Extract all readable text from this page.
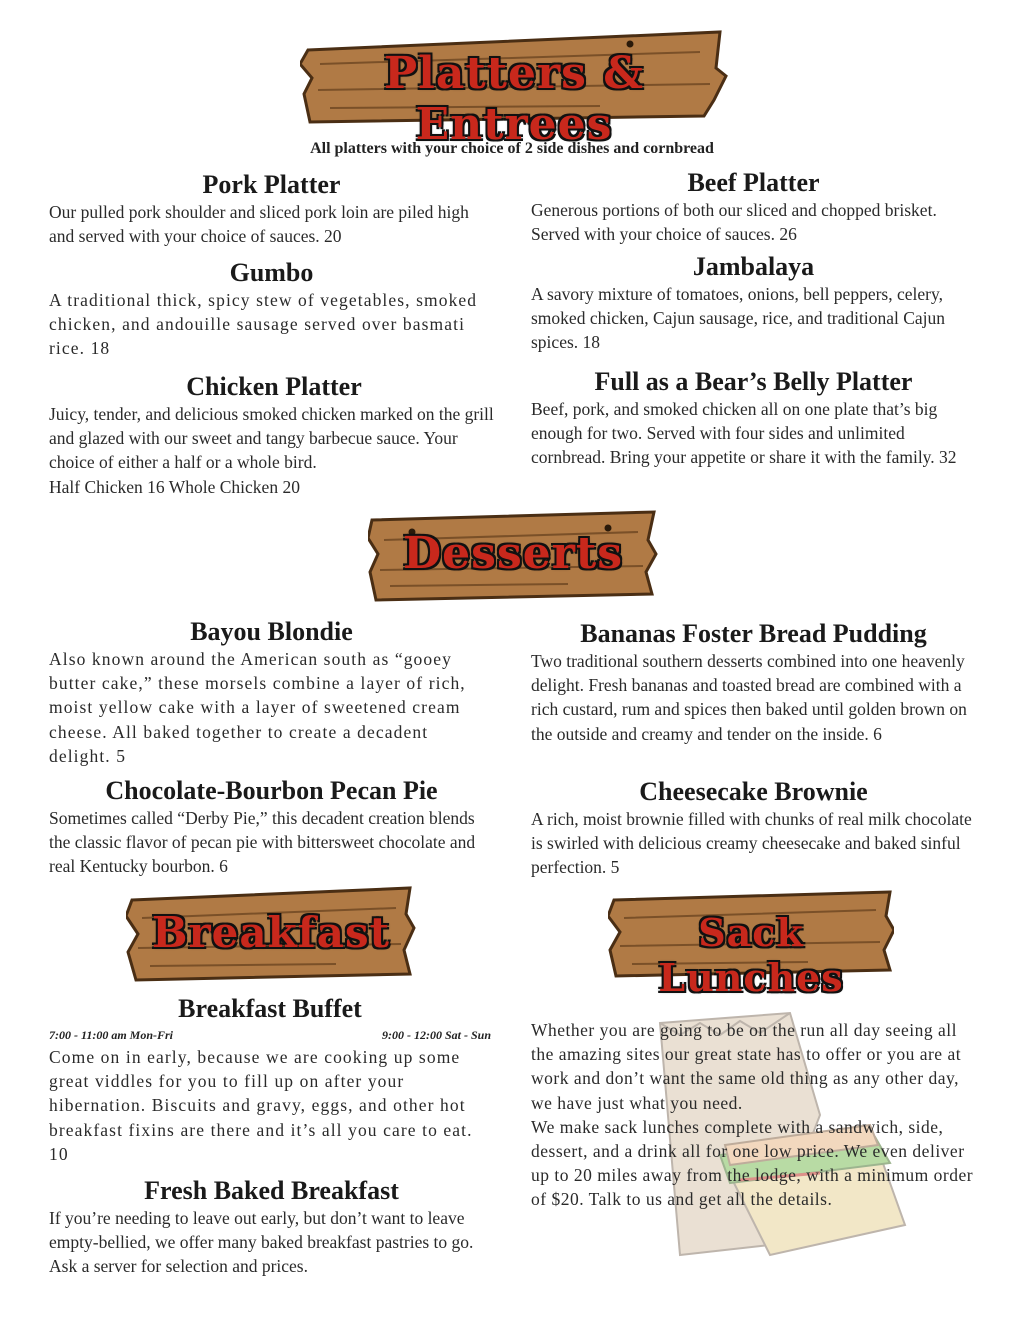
Platters & Entrees
All platters with your choice of 2 side dishes and cornbread
Pork Platter

Our pulled pork shoulder and sliced pork loin are piled high and served with your choice of sauces. 20

Gumbo

A traditional thick, spicy stew of vegetables, smoked chicken, and andouille sausage served over basmati rice. 18

Chicken Platter

Juicy, tender, and delicious smoked chicken marked on the grill and glazed with our sweet and tangy barbecue sauce. Your choice of either a half or a whole bird.

Half Chicken 16 Whole Chicken 20

Beef Platter

Generous portions of both our sliced and chopped brisket. Served with your choice of sauces. 26

Jambalaya

A savory mixture of tomatoes, onions, bell peppers, celery, smoked chicken, Cajun sausage, rice, and traditional Cajun spices. 18

Full as a Bear’s Belly Platter

Beef, pork, and smoked chicken all on one plate that’s big enough for two. Served with four sides and unlimited cornbread. Bring your appetite or share it with the family. 32

Desserts
Bayou Blondie

Also known around the American south as “gooey butter cake,” these morsels combine a layer of rich, moist yellow cake with a layer of sweetened cream cheese. All baked together to create a decadent delight. 5

Chocolate-Bourbon Pecan Pie

Sometimes called “Derby Pie,” this decadent creation blends the classic flavor of pecan pie with bittersweet chocolate and real Kentucky bourbon. 6

Bananas Foster Bread Pudding

Two traditional southern desserts combined into one heavenly delight. Fresh bananas and toasted bread are combined with a rich custard, rum and spices then baked until golden brown on the outside and creamy and tender on the inside. 6

Cheesecake Brownie

A rich, moist brownie filled with chunks of real milk chocolate is swirled with delicious creamy cheesecake and baked sinful perfection. 5

Breakfast	Sack Lunches
Breakfast Buffet
7:00 - 11:00 am Mon-Fri	9:00 - 12:00 Sat - Sun

Come on in early, because we are cooking up some great viddles for you to fill up on after your hibernation. Biscuits and gravy, eggs, and other hot breakfast fixins are there and it’s all you care to eat. 10

Fresh Baked Breakfast

If you’re needing to leave out early, but don’t want to leave empty-bellied, we offer many baked breakfast pastries to go. Ask a server for selection and prices.

Whether you are going to be on the run all day seeing all the amazing sites our great state has to offer or you are at work and don’t want the same old thing as any other day, we have just what you need.

We make sack lunches complete with a sandwich, side, dessert, and a drink all for one low price. We even deliver up to 20 miles away from the lodge, with a minimum order of $20. Talk to us and get all the details.
